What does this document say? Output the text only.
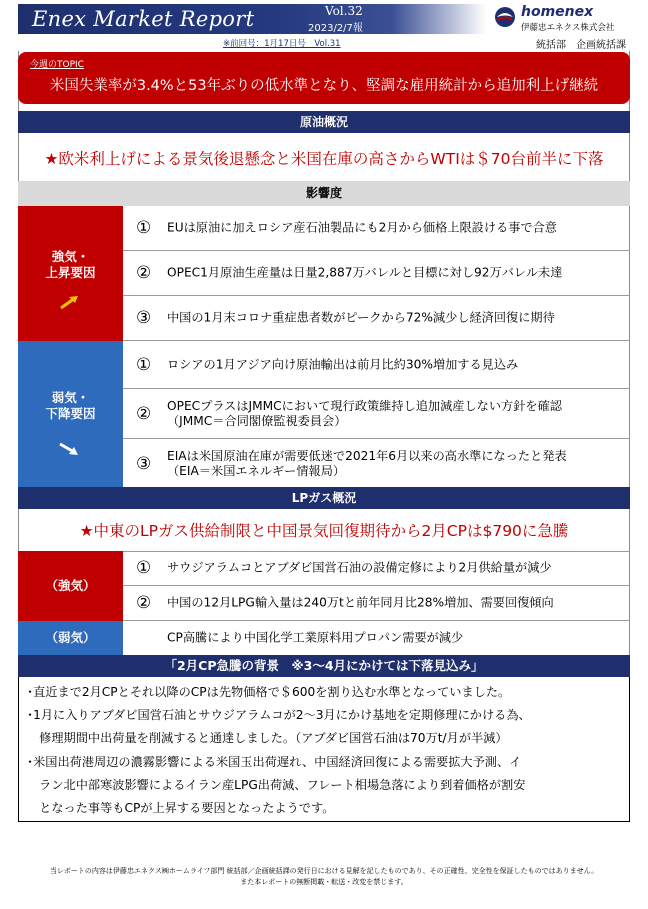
Enex Market Report	Vol.32
2023/2/7報
homenex
伊藤忠エネクス株式会社
※前回号：1月17日号　Vol.31	統括部　企画統括課
今週のTOPIC
米国失業率が3.4%と53年ぶりの低水準となり、堅調な雇用統計から追加利上げ継続
原油概況
★欧米利上げによる景気後退懸念と米国在庫の高さからWTIは＄70台前半に下落
影響度
強気・
上昇要因
① EUは原油に加えロシア産石油製品にも2月から価格上限設ける事で合意
② OPEC1月原油生産量は日量2,887万バレルと目標に対し92万バレル未達
③ 中国の1月末コロナ重症患者数がピークから72%減少し経済回復に期待
弱気・
下降要因
① ロシアの1月アジア向け原油輸出は前月比約30%増加する見込み
② OPECプラスはJMMCにおいて現行政策維持し追加減産しない方針を確認
（JMMC＝合同閣僚監視委員会）
③ EIAは米国原油在庫が需要低迷で2021年6月以来の高水準になったと発表
（EIA＝米国エネルギー情報局）
LPガス概況
★中東のLPガス供給制限と中国景気回復期待から2月CPは$790に急騰
（強気）
① サウジアラムコとアブダビ国営石油の設備定修により2月供給量が減少
② 中国の12月LPG輸入量は240万tと前年同月比28%増加、需要回復傾向
（弱気）	CP高騰により中国化学工業原料用プロパン需要が減少
「2月CP急騰の背景　※3～4月にかけては下落見込み」
･直近まで2月CPとそれ以降のCPは先物価格で＄600を割り込む水準となっていました。
･1月に入りアブダビ国営石油とサウジアラムコが2～3月にかけ基地を定期修理にかける為、
　修理期間中出荷量を削減すると通達しました。（アブダビ国営石油は70万t/月が半減）
･米国出荷港周辺の濃霧影響による米国玉出荷遅れ、中国経済回復による需要拡大予測、イ
　ラン北中部寒波影響によるイラン産LPG出荷減、フレート相場急落により到着価格が割安
　となった事等もCPが上昇する要因となったようです。
当レポートの内容は伊藤忠エネクス㈱ホームライフ部門 統括部／企画統括課の発行日における見解を記したものであり、その正確性、完全性を保証したものではありません。
また本レポートの無断掲載・転送・改変を禁じます。
